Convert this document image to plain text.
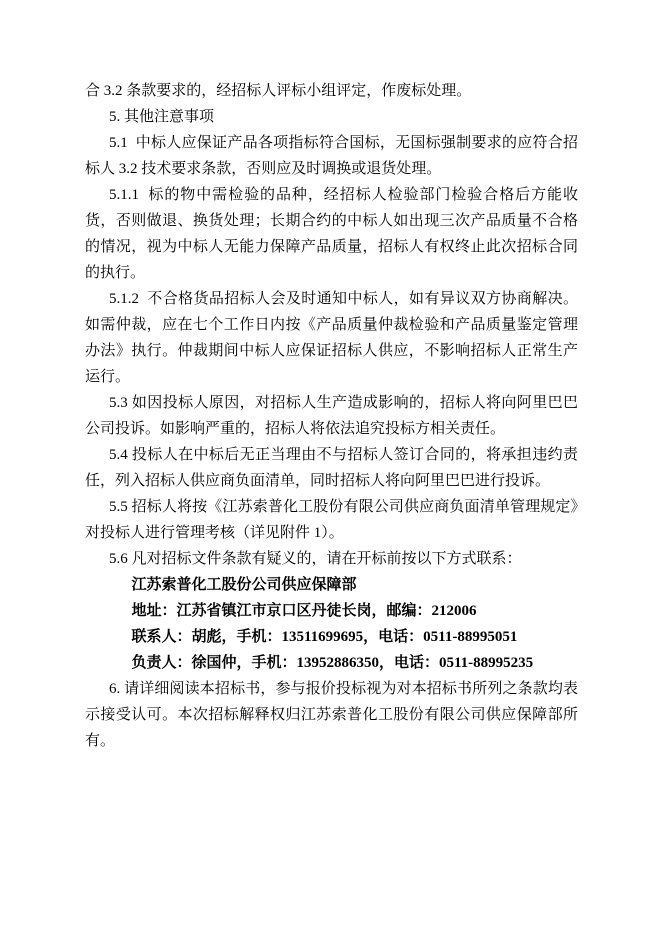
合 3.2 条款要求的，经招标人评标小组评定，作废标处理。

5. 其他注意事项

5.1  中标人应保证产品各项指标符合国标，无国标强制要求的应符合招标人 3.2 技术要求条款，否则应及时调换或退货处理。

5.1.1  标的物中需检验的品种，经招标人检验部门检验合格后方能收货，否则做退、换货处理；长期合约的中标人如出现三次产品质量不合格的情况，视为中标人无能力保障产品质量，招标人有权终止此次招标合同的执行。

5.1.2  不合格货品招标人会及时通知中标人，如有异议双方协商解决。如需仲裁，应在七个工作日内按《产品质量仲裁检验和产品质量鉴定管理办法》执行。仲裁期间中标人应保证招标人供应，不影响招标人正常生产运行。

5.3 如因投标人原因，对招标人生产造成影响的，招标人将向阿里巴巴公司投诉。如影响严重的，招标人将依法追究投标方相关责任。

5.4 投标人在中标后无正当理由不与招标人签订合同的，将承担违约责任，列入招标人供应商负面清单，同时招标人将向阿里巴巴进行投诉。

5.5 招标人将按《江苏索普化工股份有限公司供应商负面清单管理规定》对投标人进行管理考核（详见附件 1）。

5.6 凡对招标文件条款有疑义的，请在开标前按以下方式联系：

江苏索普化工股份公司供应保障部

地址：江苏省镇江市京口区丹徒长岗，邮编：212006

联系人：胡彪，手机：13511699695，电话：0511-88995051

负责人：徐国仲，手机：13952886350，电话：0511-88995235

6. 请详细阅读本招标书，参与报价投标视为对本招标书所列之条款均表示接受认可。本次招标解释权归江苏索普化工股份有限公司供应保障部所有。
